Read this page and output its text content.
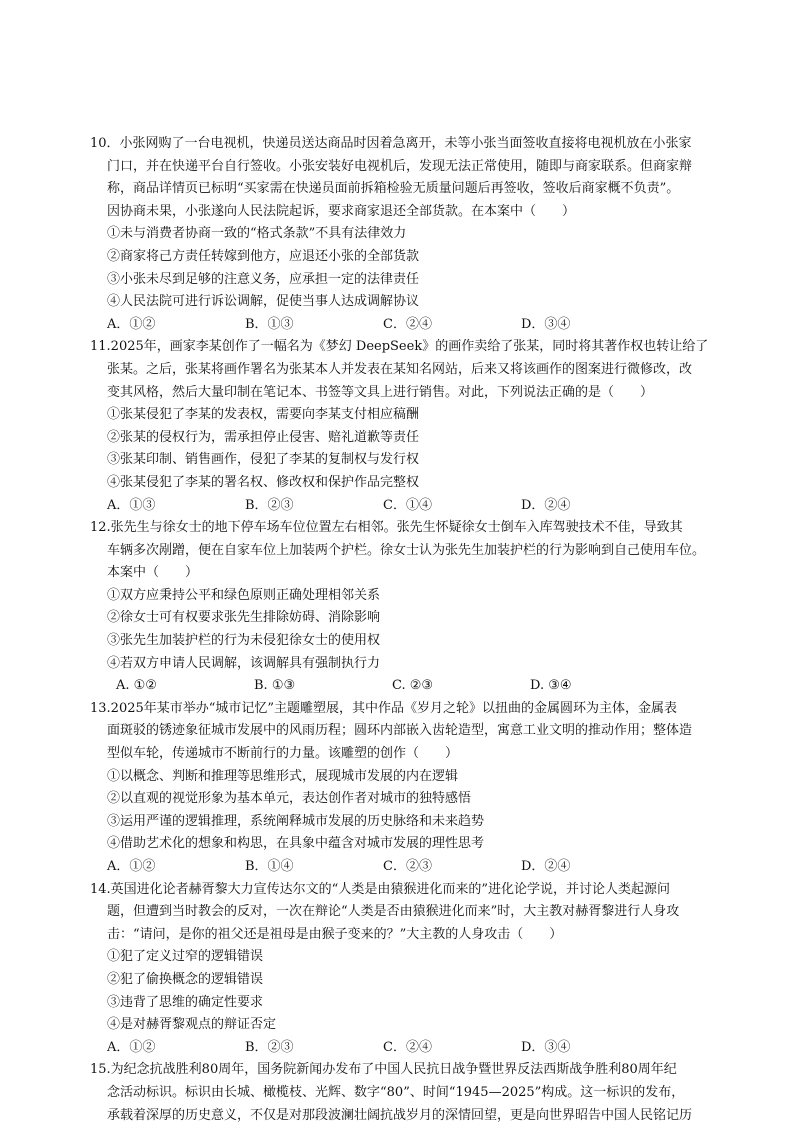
10．小张网购了一台电视机，快递员送达商品时因着急离开，未等小张当面签收直接将电视机放在小张家
门口，并在快递平台自行签收。小张安装好电视机后，发现无法正常使用，随即与商家联系。但商家辩
称，商品详情页已标明“买家需在快递员面前拆箱检验无质量问题后再签收，签收后商家概不负责”。
因协商未果，小张遂向人民法院起诉，要求商家退还全部货款。在本案中（　　）
①未与消费者协商一致的“格式条款”不具有法律效力
②商家将己方责任转嫁到他方，应退还小张的全部货款
③小张未尽到足够的注意义务，应承担一定的法律责任
④人民法院可进行诉讼调解，促使当事人达成调解协议
A．①②	B．①③	C．②④	D．③④
11.2025年，画家李某创作了一幅名为《梦幻 DeepSeek》的画作卖给了张某，同时将其著作权也转让给了
张某。之后，张某将画作署名为张某本人并发表在某知名网站，后来又将该画作的图案进行微修改，改
变其风格，然后大量印制在笔记本、书签等文具上进行销售。对此，下列说法正确的是（　　）
①张某侵犯了李某的发表权，需要向李某支付相应稿酬
②张某的侵权行为，需承担停止侵害、赔礼道歉等责任
③张某印制、销售画作，侵犯了李某的复制权与发行权
④张某侵犯了李某的署名权、修改权和保护作品完整权
A．①③	B．②③	C．①④	D．②④
12.张先生与徐女士的地下停车场车位位置左右相邻。张先生怀疑徐女士倒车入库驾驶技术不佳，导致其
车辆多次剐蹭，便在自家车位上加装两个护栏。徐女士认为张先生加装护栏的行为影响到自己使用车位。
本案中（　　）
①双方应秉持公平和绿色原则正确处理相邻关系
②徐女士可有权要求张先生排除妨碍、消除影响
③张先生加装护栏的行为未侵犯徐女士的使用权
④若双方申请人民调解，该调解具有强制执行力
A. ①②	B. ①③	C. ②③	D. ③④
13.2025年某市举办“城市记忆”主题雕塑展，其中作品《岁月之轮》以扭曲的金属圆环为主体，金属表
面斑驳的锈迹象征城市发展中的风雨历程；圆环内部嵌入齿轮造型，寓意工业文明的推动作用；整体造
型似车轮，传递城市不断前行的力量。该雕塑的创作（　　）
①以概念、判断和推理等思维形式，展现城市发展的内在逻辑
②以直观的视觉形象为基本单元，表达创作者对城市的独特感悟
③运用严谨的逻辑推理，系统阐释城市发展的历史脉络和未来趋势
④借助艺术化的想象和构思，在具象中蕴含对城市发展的理性思考
A．①②	B．①④	C．②③	D．②④
14.英国进化论者赫胥黎大力宣传达尔文的“人类是由猿猴进化而来的”进化论学说，并讨论人类起源问
题，但遭到当时教会的反对，一次在辩论“人类是否由猿猴进化而来”时，大主教对赫胥黎进行人身攻
击：“请问，是你的祖父还是祖母是由猴子变来的？”大主教的人身攻击（　　）
①犯了定义过窄的逻辑错误
②犯了偷换概念的逻辑错误
③违背了思维的确定性要求
④是对赫胥黎观点的辩证否定
A．①②	B．②③	C．②④	D．③④
15.为纪念抗战胜利80周年，国务院新闻办发布了中国人民抗日战争暨世界反法西斯战争胜利80周年纪
念活动标识。标识由长城、橄榄枝、光辉、数字“80”、时间“1945—2025”构成。这一标识的发布，
承载着深厚的历史意义，不仅是对那段波澜壮阔抗战岁月的深情回望，更是向世界昭告中国人民铭记历
